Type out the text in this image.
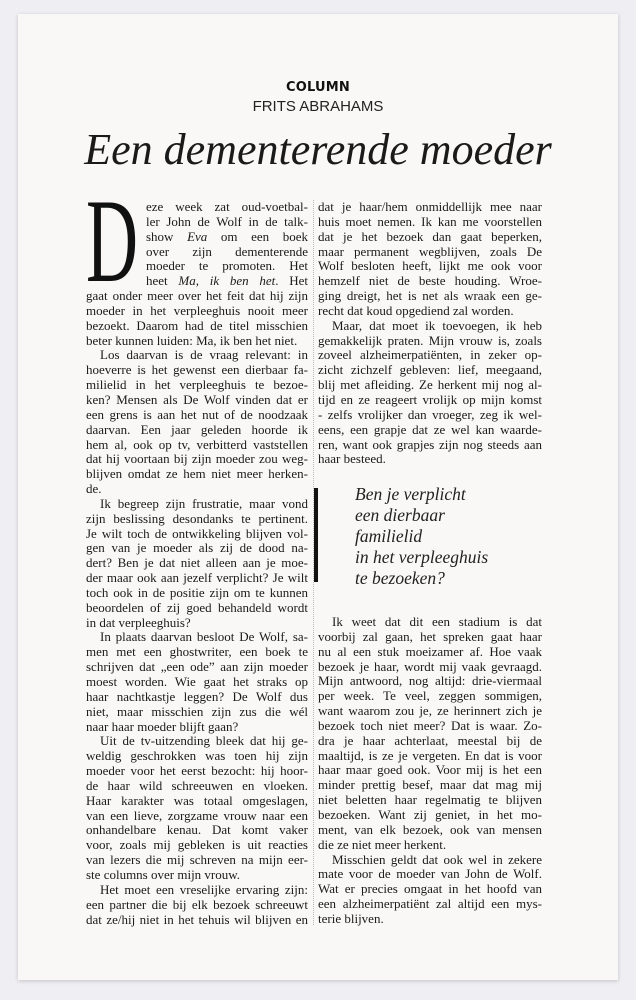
COLUMN
FRITS ABRAHAMS
Een dementerende moeder
D eze week zat oud-voetbal-
ler John de Wolf in de talk-
show Eva om een boek
over zijn dementerende
moeder te promoten. Het
heet Ma, ik ben het. Het
gaat onder meer over het feit dat hij zijn
moeder in het verpleeghuis nooit meer
bezoekt. Daarom had de titel misschien
beter kunnen luiden: Ma, ik ben het niet.
Los daarvan is de vraag relevant: in
hoeverre is het gewenst een dierbaar fa-
milielid in het verpleeghuis te bezoe-
ken? Mensen als De Wolf vinden dat er
een grens is aan het nut of de noodzaak
daarvan. Een jaar geleden hoorde ik
hem al, ook op tv, verbitterd vaststellen
dat hij voortaan bij zijn moeder zou weg-
blijven omdat ze hem niet meer herken-
de.
Ik begreep zijn frustratie, maar vond
zijn beslissing desondanks te pertinent.
Je wilt toch de ontwikkeling blijven vol-
gen van je moeder als zij de dood na-
dert? Ben je dat niet alleen aan je moe-
der maar ook aan jezelf verplicht? Je wilt
toch ook in de positie zijn om te kunnen
beoordelen of zij goed behandeld wordt
in dat verpleeghuis?
In plaats daarvan besloot De Wolf, sa-
men met een ghostwriter, een boek te
schrijven dat „een ode” aan zijn moeder
moest worden. Wie gaat het straks op
haar nachtkastje leggen? De Wolf dus
niet, maar misschien zijn zus die wél
naar haar moeder blijft gaan?
Uit de tv-uitzending bleek dat hij ge-
weldig geschrokken was toen hij zijn
moeder voor het eerst bezocht: hij hoor-
de haar wild schreeuwen en vloeken.
Haar karakter was totaal omgeslagen,
van een lieve, zorgzame vrouw naar een
onhandelbare kenau. Dat komt vaker
voor, zoals mij gebleken is uit reacties
van lezers die mij schreven na mijn eer-
ste columns over mijn vrouw.
Het moet een vreselijke ervaring zijn:
een partner die bij elk bezoek schreeuwt
dat ze/hij niet in het tehuis wil blijven en
dat je haar/hem onmiddellijk mee naar
huis moet nemen. Ik kan me voorstellen
dat je het bezoek dan gaat beperken,
maar permanent wegblijven, zoals De
Wolf besloten heeft, lijkt me ook voor
hemzelf niet de beste houding. Wroe-
ging dreigt, het is net als wraak een ge-
recht dat koud opgediend zal worden.
Maar, dat moet ik toevoegen, ik heb
gemakkelijk praten. Mijn vrouw is, zoals
zoveel alzheimerpatiënten, in zeker op-
zicht zichzelf gebleven: lief, meegaand,
blij met afleiding. Ze herkent mij nog al-
tijd en ze reageert vrolijk op mijn komst
- zelfs vrolijker dan vroeger, zeg ik wel-
eens, een grapje dat ze wel kan waarde-
ren, want ook grapjes zijn nog steeds aan
haar besteed.
Ben je verplicht
een dierbaar
familielid
in het verpleeghuis
te bezoeken?
Ik weet dat dit een stadium is dat
voorbij zal gaan, het spreken gaat haar
nu al een stuk moeizamer af. Hoe vaak
bezoek je haar, wordt mij vaak gevraagd.
Mijn antwoord, nog altijd: drie-viermaal
per week. Te veel, zeggen sommigen,
want waarom zou je, ze herinnert zich je
bezoek toch niet meer? Dat is waar. Zo-
dra je haar achterlaat, meestal bij de
maaltijd, is ze je vergeten. En dat is voor
haar maar goed ook. Voor mij is het een
minder prettig besef, maar dat mag mij
niet beletten haar regelmatig te blijven
bezoeken. Want zij geniet, in het mo-
ment, van elk bezoek, ook van mensen
die ze niet meer herkent.
Misschien geldt dat ook wel in zekere
mate voor de moeder van John de Wolf.
Wat er precies omgaat in het hoofd van
een alzheimerpatiënt zal altijd een mys-
terie blijven.
